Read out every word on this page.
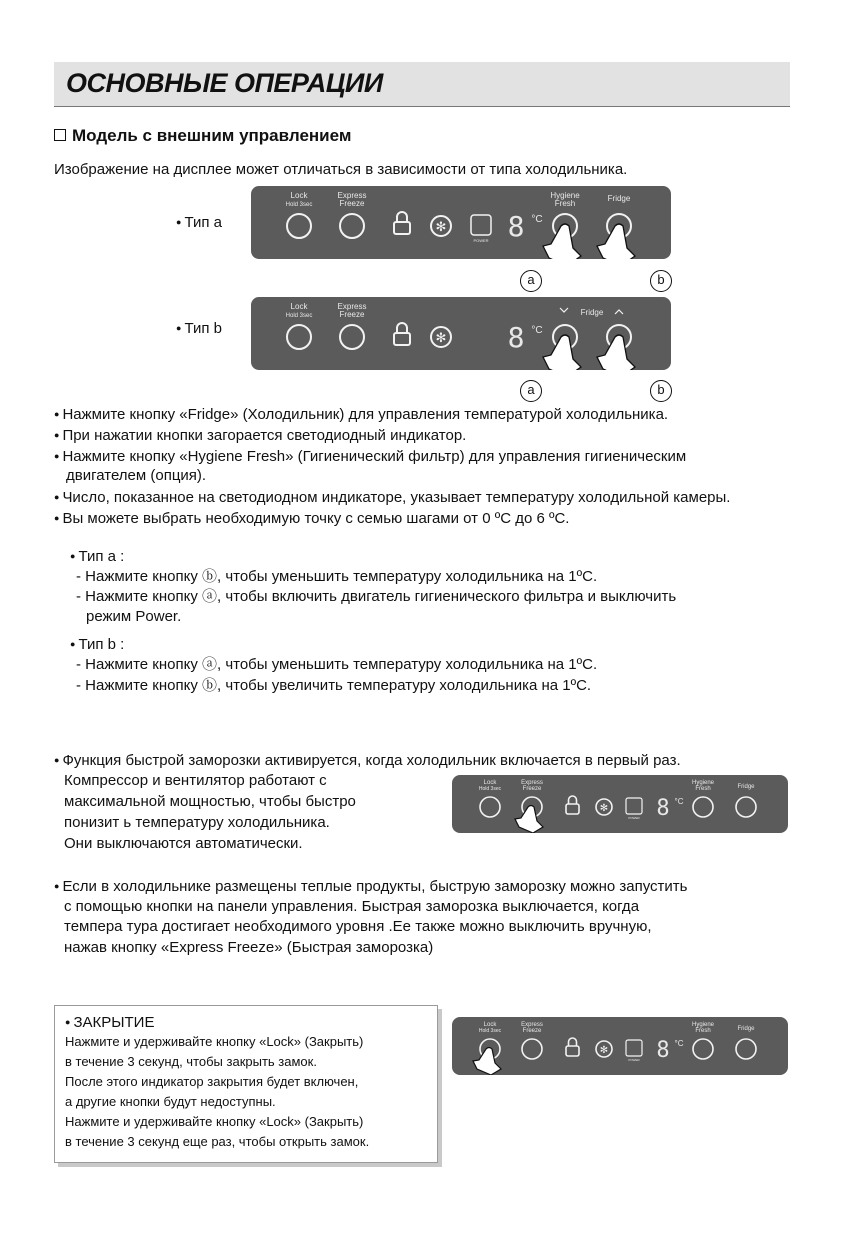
ОСНОВНЫЕ ОПЕРАЦИИ
Модель с внешним управлением
Изображение на дисплее может отличаться в зависимости от типа холодильника.
● Тип a
● Тип b
Lock
Hold 3sec
Express
Freeze
Hygiene
Fresh
Fridge
POWER 8 °C
✻
a	b
Lock
Hold 3sec
Express
Freeze	Fridge
8 °C
✻
a	b
● Нажмите кнопку «Fridge» (Холодильник) для управления температурой холодильника.
● При нажатии кнопки загорается светодиодный индикатор.
● Нажмите кнопку «Hygiene Fresh» (Гигиенический фильтр) для управления гигиеническим
двигателем (опция).
● Число, показанное на светодиодном индикаторе, указывает температуру холодильной камеры.
● Вы можете выбрать необходимую точку с семью шагами от 0 ºC до 6 ºC.
● Тип a :
- Нажмите кнопку ⓑ, чтобы уменьшить температуру холодильника на 1ºC.
- Нажмите кнопку ⓐ, чтобы включить двигатель гигиенического фильтра и выключить
режим Power.
● Тип b :
- Нажмите кнопку ⓐ, чтобы уменьшить температуру холодильника на 1ºC.
- Нажмите кнопку ⓑ, чтобы увеличить температуру холодильника на 1ºC.
● Функция быстрой заморозки активируется, когда холодильник включается в первый раз.
Компрессор и вентилятор работают с
максимальной мощностью, чтобы быстро
понизит ь температуру холодильника.
Они выключаются автоматически.
Lock
Hold 3sec
Express
Freeze
Hygiene
Fresh	Fridge
POWER 8 °C
✻
● Если в холодильнике размещены теплые продукты, быструю заморозку можно запустить
с помощью кнопки на панели управления. Быстрая заморозка выключается, когда
темпера тура достигает необходимого уровня .Ее также можно выключить вручную,
нажав кнопку «Express Freeze» (Быстрая заморозка)
● ЗАКРЫТИЕ
Нажмите и удерживайте кнопку «Lock» (Закрыть)
в течение 3 секунд, чтобы закрыть замок.
После этого индикатор закрытия будет включен,
а другие кнопки будут недоступны.
Нажмите и удерживайте кнопку «Lock» (Закрыть)
в течение 3 секунд еще раз, чтобы открыть замок.
Lock
Hold 3sec
Express
Freeze
Hygiene
Fresh	Fridge
POWER 8 °C
✻
